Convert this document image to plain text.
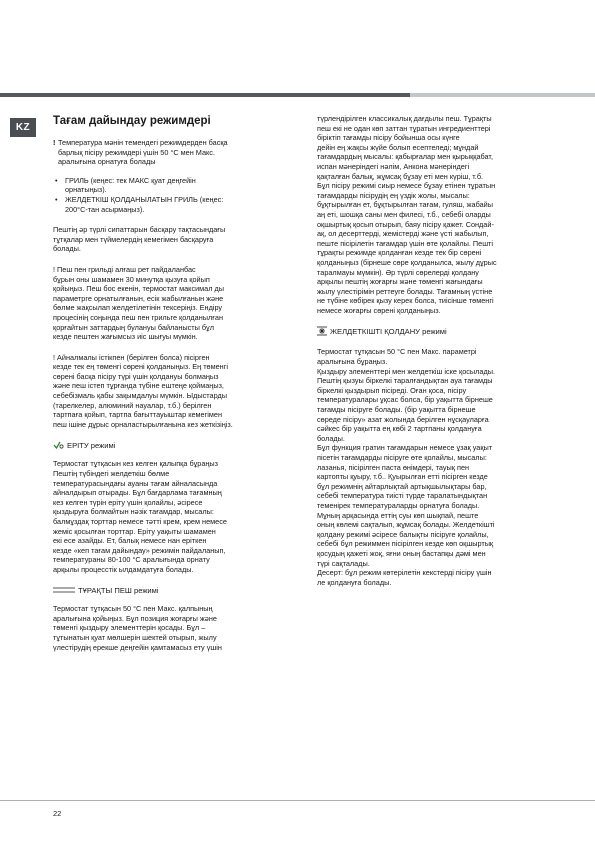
KZ
Тағам дайындау режимдері
! Температура мәнін темендегі режимдерден басқа

барлық пісіру режимдері үшін 50 °C мен Макс.

аралығына орнатуға болады

• ГРИЛЬ (кеңес: тек МАКС қуат деңгейін

орнатыңыз).

• ЖЕЛДЕТКІШ ҚОЛДАНЫЛАТЫН ГРИЛЬ (кеңес:

200°С-тан асырмаңыз).

Пештің әр түрлі сипаттарын басқару тақтасындағы

тұтқалар мен түймелердің кемегімен басқаруға

болады.

! Пеш пен грильді алғаш рет пайдаланбас

бұрын оны шамамен 30 минутқа қызуға қойып

қойыңыз. Пеш бос екенін, термостат максимал ды

параметрге орнатылғанын, есік жабылғанын және

бөлме жақсылап желдетілетінін тексеріңіз. Ендіру

процесінің соңында пеш пен грильге қолданылған

қорғайтын заттардың булануы байланысты бұл

кезде пештен жағымсыз иіс шығуы мүмкін.

! Айналмалы істікпен (берілген болса) пісірген

кезде тек ең төменгі сөрені қолданыңыз. Ең төменгі

сөрені басқа пісіру түрі үшін қолдануы болмаңыз

және пеш істеп тұрғанда түбіне ештеңе қоймаңыз,

себебізмаль қабы зақымдалуы мүмкін. Ыдыстарды

(тарелкелер, алюминий науалар, т.б.) берілген

тартпаға қойып, тартпа бағыттауыштар кемегімен

пеш ішіне дұрыс орналастырылғанына кез жеткізіңіз.

ЕРІТУ режимі

Термостат тұтқасын кез келген қалыпқа бұраңыз

Пештің түбіндегі желдеткіш бөлме

температурасындағы ауаны тағам айналасында

айналдырып отырады. Бұл бағдарлама тағамның

кез келген түрін еріту үшін қолайлы, әсіресе

қыздыруға болмайтын нәзік тағамдар, мысалы:

балмұздақ торттар немесе тәтті крем, крем немесе

жеміс қосылған торттар. Еріту уақыты шамамен

екі есе азайды. Ет, балық немесе нан еріткен

кезде «кеп тағам дайындау» режимін пайдаланып,

температураны 80-100 °С аралығында орнату

арқылы процесстік ылдамдатуға болады.

ТҰРАҚТЫ ПЕШ режимі

Термостат тұтқасын 50 °С пен Макс. қалпының

аралығына қойыңыз. Бұл позиция жоғарғы және

төменгі қыздыру элементтерін қосады. Бұл –

тұтынатын қуат мөлшерін шектей отырып, жылу

үлестірудің ерекше деңгейін қамтамасыз ету үшін

түрлендірілген классикалық дағдылы пеш. Тұрақты

пеш екі не одан көп заттан тұратын ингредиенттері

біріктіп тағамды пісіру бойынша осы күнге

дейін ең жақсы жүйе болып есептеледі; мұндай

тағамдардың мысалы: қабырғалар мен қырыққабат,

испан мәнеріндегі нәлім, Анкона мәнеріндегі

қақталған балық, жұмсақ бұзау еті мен күріш, т.б.

Бұл пісіру режимі сиыр немесе бұзау етінен тұратын

тағамдарды пісірудің ең үздік жолы, мысалы:

бұқтырылған ет, бұқтырылған тағам, гуляш, жабайы

аң еті, шошқа саны мен филесі, т.б., себебі оларды

оқшыртық қосып отырып, баяу пісіру қажет. Сондай-

ақ, ол десерттерді, жемістерді және үсті жабылып,

пеште пісірілетін тағамдар үшін өте қолайлы. Пешті

тұрақты режимде қолданған кезде тек бір сөрені

қолданыңыз (бірнеше сөре қолданылса, жылу дұрыс

таралмауы мүмкін). Әр түрлі сөрелерді қолдану

арқылы пештің жоғарғы және төменгі жағындағы

жылу үлестірімін реттеуге болады. Тағамның үстіне

не түбіне көбірек қызу керек болса, тиісінше төменгі

немесе жоғарғы сөрені қолданыңыз.

ЖЕЛДЕТКІШТІ ҚОЛДАНУ режимі

Термостат тұтқасын 50 °С пен Макс. параметрі

аралығына бұраңыз.

Қыздыру элементтері мен желдеткіш іске қосылады.

Пештің қызуы біркелкі таралғандықтан ауа тағамды

біркелкі қыздырып пісіреді. Оған қоса, пісіру

температуралары ұқсас болса, бір уақытта бірнеше

тағамды пісіруге болады. (бір уақытта бірнеше

сөреде пісіру» азат жолында берілген нұсқауларға

сәйкес бір уақытта ең көбі 2 тартпаны қолдануға

болады.

Бұл функция гратин тағамдарын немесе ұзақ уақыт

пісетін тағамдарды пісіруге өте қолайлы, мысалы:

лазанья, пісірілген паста өнімдері, тауық пен

картопты қуыру, т.б.. Қуырылған етті пісірген кезде

бұл режимнің айтарлықтай артықшылықтары бар,

себебі температура тиісті түрде таралатындықтан

теменірек температураларды орнатуға болады.

Мұның арқасында еттің суы көп шықпай, пеште

оның көлемі сақталып, жұмсақ болады. Желдеткішті

қолдану режимі әсіресе балықты пісіруге қолайлы,

себебі бұл режиммен пісірілген кезде көп оқшыртық

қосудың қажеті жоқ, яғни оның бастапқы дәмі мен

түрі сақталады.

Десерт: бұл режим көтерілетін кекстерді пісіру үшін

ле қолдануға болады.

22
